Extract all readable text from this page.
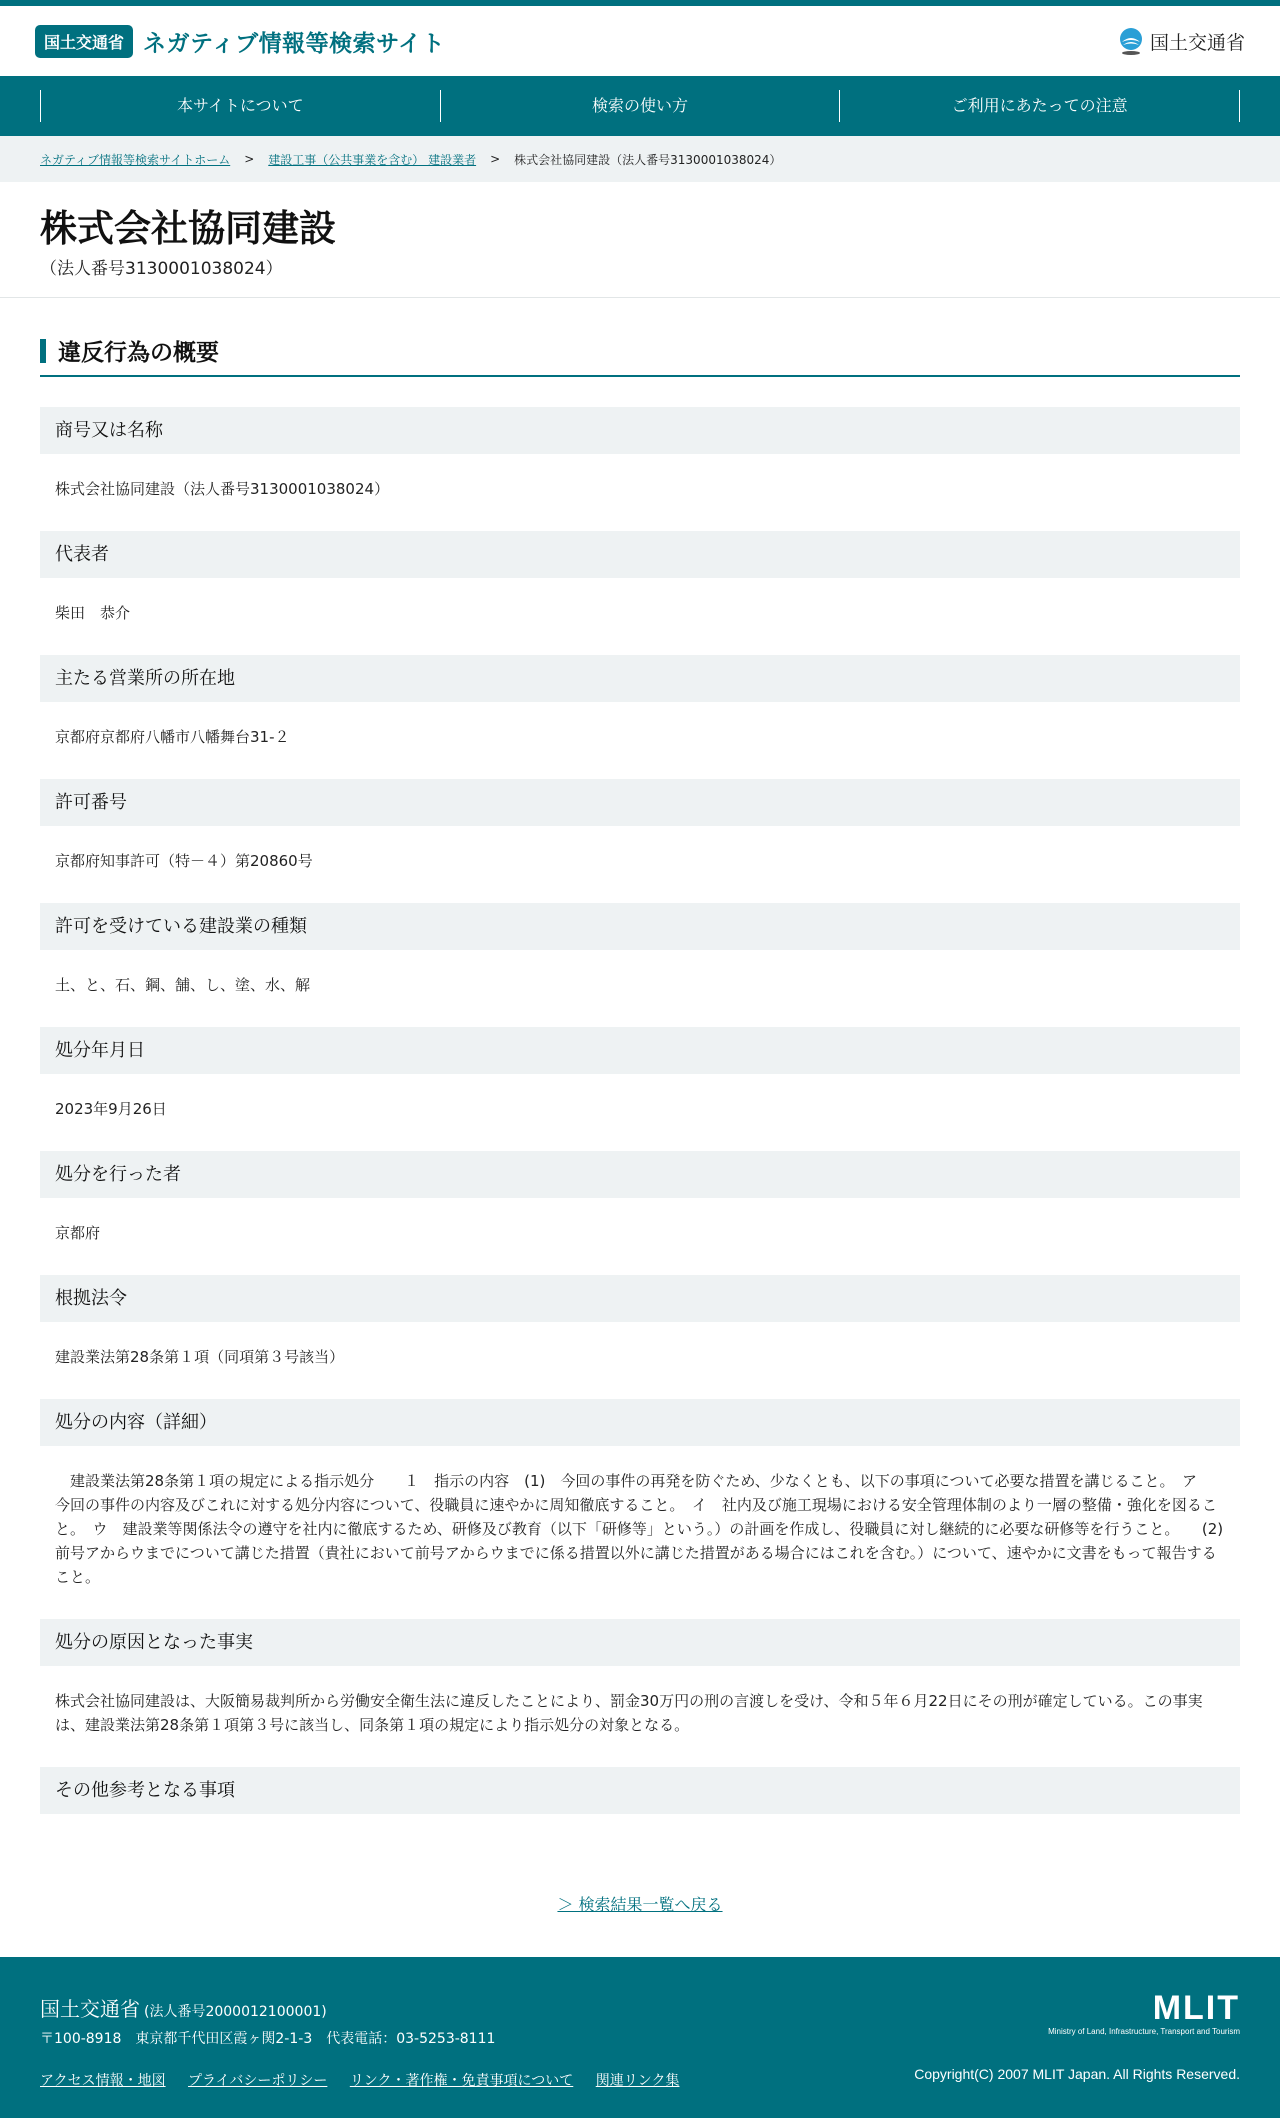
国土交通省 ネガティブ情報等検索サイト	国土交通省
本サイトについて	検索の使い方	ご利用にあたっての注意
ネガティブ情報等検索サイトホーム > 建設工事（公共事業を含む） 建設業者 > 株式会社協同建設（法人番号3130001038024）
株式会社協同建設
（法人番号3130001038024）
違反行為の概要
商号又は名称
株式会社協同建設（法人番号3130001038024）
代表者
柴田　恭介
主たる営業所の所在地
京都府京都府八幡市八幡舞台31-２
許可番号
京都府知事許可（特－４）第20860号
許可を受けている建設業の種類
土、と、石、鋼、舗、し、塗、水、解
処分年月日
2023年9月26日
処分を行った者
京都府
根拠法令
建設業法第28条第１項（同項第３号該当）
処分の内容（詳細）
　建設業法第28条第１項の規定による指示処分　　１　指示の内容　(1)　今回の事件の再発を防ぐため、少なくとも、以下の事項について必要な措置を講じること。　ア　今回の事件の内容及びこれに対する処分内容について、役職員に速やかに周知徹底すること。　イ　社内及び施工現場における安全管理体制のより一層の整備・強化を図ること。　ウ　建設業等関係法令の遵守を社内に徹底するため、研修及び教育（以下「研修等」という。）の計画を作成し、役職員に対し継続的に必要な研修等を行うこと。　　(2)　前号アからウまでについて講じた措置（貴社において前号アからウまでに係る措置以外に講じた措置がある場合にはこれを含む。）について、速やかに文書をもって報告すること。
処分の原因となった事実
株式会社協同建設は、大阪簡易裁判所から労働安全衛生法に違反したことにより、罰金30万円の刑の言渡しを受け、令和５年６月22日にその刑が確定している。この事実は、建設業法第28条第１項第３号に該当し、同条第１項の規定により指示処分の対象となる。
その他参考となる事項
＞ 検索結果一覧へ戻る
国土交通省 (法人番号2000012100001)
〒100-8918　東京都千代田区霞ヶ関2-1-3　代表電話：03-5253-8111
アクセス情報・地図 プライバシーポリシー リンク・著作権・免責事項について 関連リンク集
MLIT
Ministry of Land, Infrastructure, Transport and Tourism
Copyright(C) 2007 MLIT Japan. All Rights Reserved.
